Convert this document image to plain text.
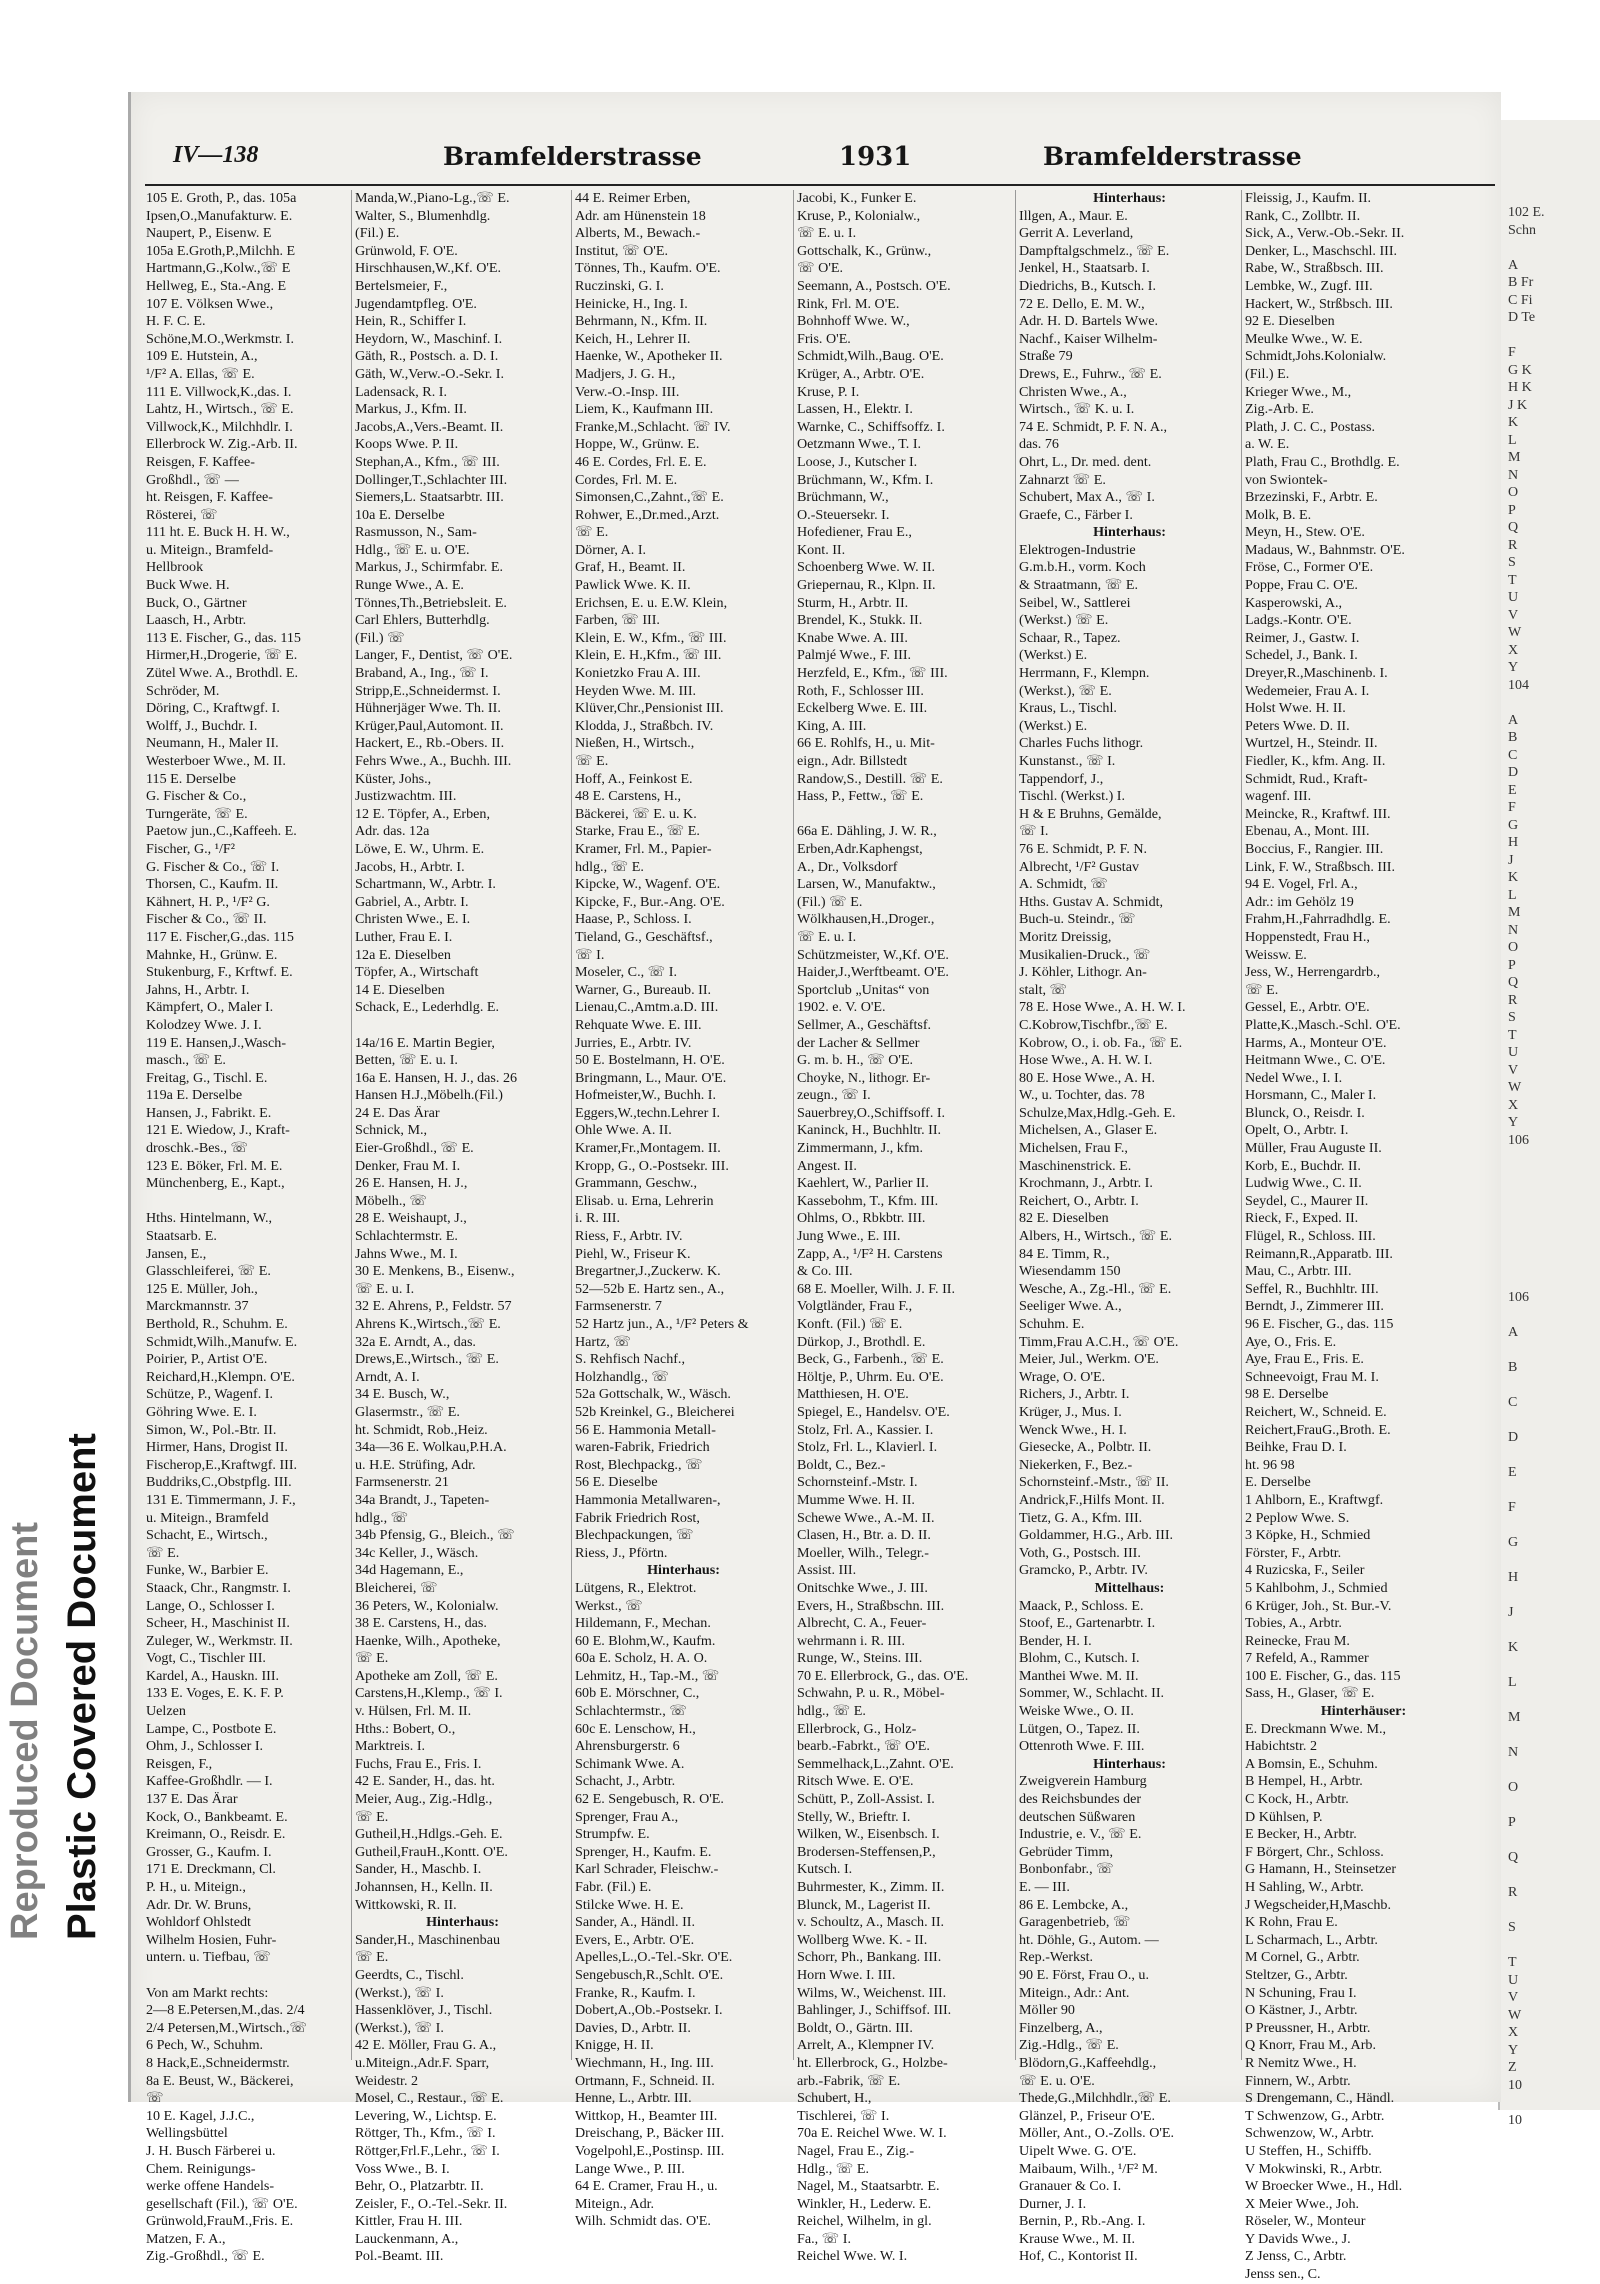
Reproduced Document Plastic Covered Document
102 E.
Schn

A
B Fr
C Fi
D Te

F
G K
H K
J K
K
L
M
N
O
P
Q
R
S
T
U
V
W
X
Y
104

A
B
C
D
E
F
G
H
J
K
L
M
N
O
P
Q
R
S
T
U
V
W
X
Y
106

106

A

B

C

D

E

F

G

H

J

K

L

M

N

O

P

Q

R

S

T
U
V
W
X
Y
Z
10

10
IV—138	Bramfelderstrasse	1931	Bramfelderstrasse
105 E. Groth, P., das. 105a
Ipsen,O.,Manufakturw. E.
Naupert, P., Eisenw. E
105a E.Groth,P.,Milchh. E
Hartmann,G.,Kolw.,☏ E
Hellweg, E., Sta.-Ang. E
107 E. Völksen Wwe.,
H. F. C. E.
Schöne,M.O.,Werkmstr. I.
109 E. Hutstein, A.,
¹/F² A. Ellas, ☏ E.
111 E. Villwock,K.,das. I.
Lahtz, H., Wirtsch., ☏ E.
Villwock,K., Milchhdlr. I.
Ellerbrock W. Zig.-Arb. II.
Reisgen, F. Kaffee-
Großhdl., ☏ —
ht. Reisgen, F. Kaffee-
Rösterei, ☏
111 ht. E. Buck H. H. W.,
u. Miteign., Bramfeld-
Hellbrook
Buck Wwe. H.
Buck, O., Gärtner
Laasch, H., Arbtr.
113 E. Fischer, G., das. 115
Hirmer,H.,Drogerie, ☏ E.
Zütel Wwe. A., Brothdl. E.
Schröder, M.
Döring, C., Kraftwgf. I.
Wolff, J., Buchdr. I.
Neumann, H., Maler II.
Westerboer Wwe., M. II.
115 E. Derselbe
G. Fischer & Co.,
Turngeräte, ☏ E.
Paetow jun.,C.,Kaffeeh. E.
Fischer, G., ¹/F²
G. Fischer & Co., ☏ I.
Thorsen, C., Kaufm. II.
Kähnert, H. P., ¹/F² G.
Fischer & Co., ☏ II.
117 E. Fischer,G.,das. 115
Mahnke, H., Grünw. E.
Stukenburg, F., Krftwf. E.
Jahns, H., Arbtr. I.
Kämpfert, O., Maler I.
Kolodzey Wwe. J. I.
119 E. Hansen,J.,Wasch-
masch., ☏ E.
Freitag, G., Tischl. E.
119a E. Derselbe
Hansen, J., Fabrikt. E.
121 E. Wiedow, J., Kraft-
droschk.-Bes., ☏
123 E. Böker, Frl. M. E.
Münchenberg, E., Kapt.,

Hths. Hintelmann, W.,
Staatsarb. E.
Jansen, E.,
Glasschleiferei, ☏ E.
125 E. Müller, Joh.,
Marckmannstr. 37
Berthold, R., Schuhm. E.
Schmidt,Wilh.,Manufw. E.
Poirier, P., Artist O'E.
Reichard,H.,Klempn. O'E.
Schütze, P., Wagenf. I.
Göhring Wwe. E. I.
Simon, W., Pol.-Btr. II.
Hirmer, Hans, Drogist II.
Fischerop,E.,Kraftwgf. III.
Buddriks,C.,Obstpflg. III.
131 E. Timmermann, J. F.,
u. Miteign., Bramfeld
Schacht, E., Wirtsch.,
☏ E.
Funke, W., Barbier E.
Staack, Chr., Rangmstr. I.
Lange, O., Schlosser I.
Scheer, H., Maschinist II.
Zuleger, W., Werkmstr. II.
Vogt, C., Tischler III.
Kardel, A., Hauskn. III.
133 E. Voges, E. K. F. P.
Uelzen
Lampe, C., Postbote E.
Ohm, J., Schlosser I.
Reisgen, F.,
Kaffee-Großhdlr. — I.
137 E. Das Ärar
Kock, O., Bankbeamt. E.
Kreimann, O., Reisdr. E.
Grosser, G., Kaufm. I.
171 E. Dreckmann, Cl.
P. H., u. Miteign.,
Adr. Dr. W. Bruns,
Wohldorf Ohlstedt
Wilhelm Hosien, Fuhr-
untern. u. Tiefbau, ☏

Von am Markt rechts:
2—8 E.Petersen,M.,das. 2/4
2/4 Petersen,M.,Wirtsch.,☏
6 Pech, W., Schuhm.
8 Hack,E.,Schneidermstr.
8a E. Beust, W., Bäckerei,
☏
10 E. Kagel, J.J.C.,
Wellingsbüttel
J. H. Busch Färberei u.
Chem. Reinigungs-
werke offene Handels-
gesellschaft (Fil.), ☏ O'E.
Grünwold,FrauM.,Fris. E.
Matzen, F. A.,
Zig.-Großhdl., ☏ E.
Manda,W.,Piano-Lg.,☏ E.
Walter, S., Blumenhdlg.
(Fil.) E.
Grünwold, F. O'E.
Hirschhausen,W.,Kf. O'E.
Bertelsmeier, F.,
Jugendamtpfleg. O'E.
Hein, R., Schiffer I.
Heydorn, W., Maschinf. I.
Gäth, R., Postsch. a. D. I.
Gäth, W.,Verw.-O.-Sekr. I.
Ladensack, R. I.
Markus, J., Kfm. II.
Jacobs,A.,Vers.-Beamt. II.
Koops Wwe. P. II.
Stephan,A., Kfm., ☏ III.
Dollinger,T.,Schlachter III.
Siemers,L. Staatsarbtr. III.
10a E. Derselbe
Rasmusson, N., Sam-
Hdlg., ☏ E. u. O'E.
Markus, J., Schirmfabr. E.
Runge Wwe., A. E.
Tönnes,Th.,Betriebsleit. E.
Carl Ehlers, Butterhdlg.
(Fil.) ☏
Langer, F., Dentist, ☏ O'E.
Braband, A., Ing., ☏ I.
Stripp,E.,Schneidermst. I.
Hühnerjäger Wwe. Th. II.
Krüger,Paul,Automont. II.
Hackert, E., Rb.-Obers. II.
Fehrs Wwe., A., Buchh. III.
Küster, Johs.,
Justizwachtm. III.
12 E. Töpfer, A., Erben,
Adr. das. 12a
Löwe, E. W., Uhrm. E.
Jacobs, H., Arbtr. I.
Schartmann, W., Arbtr. I.
Gabriel, A., Arbtr. I.
Christen Wwe., E. I.
Luther, Frau E. I.
12a E. Dieselben
Töpfer, A., Wirtschaft
14 E. Dieselben
Schack, E., Lederhdlg. E.

14a/16 E. Martin Begier,
Betten, ☏ E. u. I.
16a E. Hansen, H. J., das. 26
Hansen H.J.,Möbelh.(Fil.)
24 E. Das Ärar
Schnick, M.,
Eier-Großhdl., ☏ E.
Denker, Frau M. I.
26 E. Hansen, H. J.,
Möbelh., ☏
28 E. Weishaupt, J.,
Schlachtermstr. E.
Jahns Wwe., M. I.
30 E. Menkens, B., Eisenw.,
☏ E. u. I.
32 E. Ahrens, P., Feldstr. 57
Ahrens K.,Wirtsch.,☏ E.
32a E. Arndt, A., das.
Drews,E.,Wirtsch., ☏ E.
Arndt, A. I.
34 E. Busch, W.,
Glasermstr., ☏ E.
ht. Schmidt, Rob.,Heiz.
34a—36 E. Wolkau,P.H.A.
u. H.E. Strüfing, Adr.
Farmsenerstr. 21
34a Brandt, J., Tapeten-
hdlg., ☏
34b Pfensig, G., Bleich., ☏
34c Keller, J., Wäsch.
34d Hagemann, E.,
Bleicherei, ☏
36 Peters, W., Kolonialw.
38 E. Carstens, H., das.
Haenke, Wilh., Apotheke,
☏ E.
Apotheke am Zoll, ☏ E.
Carstens,H.,Klemp., ☏ I.
v. Hülsen, Frl. M. II.
Hths.: Bobert, O.,
Marktreis. I.
Fuchs, Frau E., Fris. I.
42 E. Sander, H., das. ht.
Meier, Aug., Zig.-Hdlg.,
☏ E.
Gutheil,H.,Hdlgs.-Geh. E.
Gutheil,FrauH.,Kontt. O'E.
Sander, H., Maschb. I.
Johannsen, H., Kelln. II.
Wittkowski, R. II.
Hinterhaus:
Sander,H., Maschinenbau
☏ E.
Geerdts, C., Tischl.
(Werkst.), ☏ I.
Hassenklöver, J., Tischl.
(Werkst.), ☏ I.
42 E. Möller, Frau G. A.,
u.Miteign.,Adr.F. Sparr,
Weidestr. 2
Mosel, C., Restaur., ☏ E.
Levering, W., Lichtsp. E.
Röttger, Th., Kfm., ☏ I.
Röttger,Frl.F.,Lehr., ☏ I.
Voss Wwe., B. I.
Behr, O., Platzarbtr. II.
Zeisler, F., O.-Tel.-Sekr. II.
Kittler, Frau H. III.
Lauckenmann, A.,
Pol.-Beamt. III.
44 E. Reimer Erben,
Adr. am Hünenstein 18
Alberts, M., Bewach.-
Institut, ☏ O'E.
Tönnes, Th., Kaufm. O'E.
Ruczinski, G. I.
Heinicke, H., Ing. I.
Behrmann, N., Kfm. II.
Keich, H., Lehrer II.
Haenke, W., Apotheker II.
Madjers, J. G. H.,
Verw.-O.-Insp. III.
Liem, K., Kaufmann III.
Franke,M.,Schlacht. ☏ IV.
Hoppe, W., Grünw. E.
46 E. Cordes, Frl. E. E.
Cordes, Frl. M. E.
Simonsen,C.,Zahnt.,☏ E.
Rohwer, E.,Dr.med.,Arzt.
☏ E.
Dörner, A. I.
Graf, H., Beamt. II.
Pawlick Wwe. K. II.
Erichsen, E. u. E.W. Klein,
Farben, ☏ III.
Klein, E. W., Kfm., ☏ III.
Klein, E. H.,Kfm., ☏ III.
Konietzko Frau A. III.
Heyden Wwe. M. III.
Klüver,Chr.,Pensionist III.
Klodda, J., Straßbch. IV.
Nießen, H., Wirtsch.,
☏ E.
Hoff, A., Feinkost E.
48 E. Carstens, H.,
Bäckerei, ☏ E. u. K.
Starke, Frau E., ☏ E.
Kramer, Frl. M., Papier-
hdlg., ☏ E.
Kipcke, W., Wagenf. O'E.
Kipcke, F., Bur.-Ang. O'E.
Haase, P., Schloss. I.
Tieland, G., Geschäftsf.,
☏ I.
Moseler, C., ☏ I.
Warner, G., Bureaub. II.
Lienau,C.,Amtm.a.D. III.
Rehquate Wwe. E. III.
Jurries, E., Arbtr. IV.
50 E. Bostelmann, H. O'E.
Bringmann, L., Maur. O'E.
Hofmeister,W., Buchh. I.
Eggers,W.,techn.Lehrer I.
Ohle Wwe. A. II.
Kramer,Fr.,Montagem. II.
Kropp, G., O.-Postsekr. III.
Grammann, Geschw.,
Elisab. u. Erna, Lehrerin
i. R. III.
Riess, F., Arbtr. IV.
Piehl, W., Friseur K.
Bregartner,J.,Zuckerw. K.
52—52b E. Hartz sen., A.,
Farmsenerstr. 7
52 Hartz jun., A., ¹/F² Peters &
Hartz, ☏
S. Rehfisch Nachf.,
Holzhandlg., ☏
52a Gottschalk, W., Wäsch.
52b Kreinkel, G., Bleicherei
56 E. Hammonia Metall-
waren-Fabrik, Friedrich
Rost, Blechpackg., ☏
56 E. Dieselbe
Hammonia Metallwaren-,
Fabrik Friedrich Rost,
Blechpackungen, ☏
Riess, J., Pförtn.
Hinterhaus:
Lütgens, R., Elektrot.
Werkst., ☏
Hildemann, F., Mechan.
60 E. Blohm,W., Kaufm.
60a E. Scholz, H. A. O.
Lehmitz, H., Tap.-M., ☏
60b E. Mörschner, C.,
Schlachtermstr., ☏
60c E. Lenschow, H.,
Ahrensburgerstr. 6
Schimank Wwe. A.
Schacht, J., Arbtr.
62 E. Sengebusch, R. O'E.
Sprenger, Frau A.,
Strumpfw. E.
Sprenger, H., Kaufm. E.
Karl Schrader, Fleischw.-
Fabr. (Fil.) E.
Stilcke Wwe. H. E.
Sander, A., Händl. II.
Evers, E., Arbtr. O'E.
Apelles,L.,O.-Tel.-Skr. O'E.
Sengebusch,R.,Schlt. O'E.
Franke, R., Kaufm. I.
Dobert,A.,Ob.-Postsekr. I.
Davies, D., Arbtr. II.
Knigge, H. II.
Wiechmann, H., Ing. III.
Ortmann, F., Schneid. II.
Henne, L., Arbtr. III.
Wittkop, H., Beamter III.
Dreischang, P., Bäcker III.
Vogelpohl,E.,Postinsp. III.
Lange Wwe., P. III.
64 E. Cramer, Frau H., u.
Miteign., Adr.
Wilh. Schmidt das. O'E.
Jacobi, K., Funker E.
Kruse, P., Kolonialw.,
☏ E. u. I.
Gottschalk, K., Grünw.,
☏ O'E.
Seemann, A., Postsch. O'E.
Rink, Frl. M. O'E.
Bohnhoff Wwe. W.,
Fris. O'E.
Schmidt,Wilh.,Baug. O'E.
Krüger, A., Arbtr. O'E.
Kruse, P. I.
Lassen, H., Elektr. I.
Warnke, C., Schiffsoffz. I.
Oetzmann Wwe., T. I.
Loose, J., Kutscher I.
Brüchmann, W., Kfm. I.
Brüchmann, W.,
O.-Steuersekr. I.
Hofediener, Frau E.,
Kont. II.
Schoenberg Wwe. W. II.
Griepernau, R., Klpn. II.
Sturm, H., Arbtr. II.
Brendel, K., Stukk. II.
Knabe Wwe. A. III.
Palmjé Wwe., F. III.
Herzfeld, E., Kfm., ☏ III.
Roth, F., Schlosser III.
Eckelberg Wwe. E. III.
King, A. III.
66 E. Rohlfs, H., u. Mit-
eign., Adr. Billstedt
Randow,S., Destill. ☏ E.
Hass, P., Fettw., ☏ E.

66a E. Dähling, J. W. R.,
Erben,Adr.Kaphengst,
A., Dr., Volksdorf
Larsen, W., Manufaktw.,
(Fil.) ☏ E.
Wölkhausen,H.,Droger.,
☏ E. u. I.
Schützmeister, W.,Kf. O'E.
Haider,J.,Werftbeamt. O'E.
Sportclub „Unitas“ von
1902. e. V. O'E.
Sellmer, A., Geschäftsf.
der Lacher & Sellmer
G. m. b. H., ☏ O'E.
Choyke, N., lithogr. Er-
zeugn., ☏ I.
Sauerbrey,O.,Schiffsoff. I.
Kaninck, H., Buchhltr. II.
Zimmermann, J., kfm.
Angest. II.
Kaehlert, W., Parlier II.
Kassebohm, T., Kfm. III.
Ohlms, O., Rbkbtr. III.
Jung Wwe., E. III.
Zapp, A., ¹/F² H. Carstens
& Co. III.
68 E. Moeller, Wilh. J. F. II.
Volgtländer, Frau F.,
Konft. (Fil.) ☏ E.
Dürkop, J., Brothdl. E.
Beck, G., Farbenh., ☏ E.
Höltje, P., Uhrm. Eu. O'E.
Matthiesen, H. O'E.
Spiegel, E., Handelsv. O'E.
Stolz, Frl. A., Kassier. I.
Stolz, Frl. L., Klavierl. I.
Boldt, C., Bez.-
Schornsteinf.-Mstr. I.
Mumme Wwe. H. II.
Schewe Wwe., A.-M. II.
Clasen, H., Btr. a. D. II.
Moeller, Wilh., Telegr.-
Assist. III.
Onitschke Wwe., J. III.
Evers, H., Straßbschn. III.
Albrecht, C. A., Feuer-
wehrmann i. R. III.
Runge, W., Steins. III.
70 E. Ellerbrock, G., das. O'E.
Schwahn, P. u. R., Möbel-
hdlg., ☏ E.
Ellerbrock, G., Holz-
bearb.-Fabrkt., ☏ O'E.
Semmelhack,L.,Zahnt. O'E.
Ritsch Wwe. E. O'E.
Schütt, P., Zoll-Assist. I.
Stelly, W., Brieftr. I.
Wilken, W., Eisenbsch. I.
Brodersen-Steffensen,P.,
Kutsch. I.
Buhrmester, K., Zimm. II.
Blunck, M., Lagerist II.
v. Schoultz, A., Masch. II.
Wollberg Wwe. K. - II.
Schorr, Ph., Bankang. III.
Horn Wwe. I. III.
Wilms, W., Weichenst. III.
Bahlinger, J., Schiffsof. III.
Boldt, O., Gärtn. III.
Arrelt, A., Klempner IV.
ht. Ellerbrock, G., Holzbe-
arb.-Fabrik, ☏ E.
Schubert, H.,
Tischlerei, ☏ I.
70a E. Reichel Wwe. W. I.
Nagel, Frau E., Zig.-
Hdlg., ☏ E.
Nagel, M., Staatsarbtr. E.
Winkler, H., Lederw. E.
Reichel, Wilhelm, in gl.
Fa., ☏ I.
Reichel Wwe. W. I.
Hinterhaus:
Illgen, A., Maur. E.
Gerrit A. Leverland,
Dampftalgschmelz., ☏ E.
Jenkel, H., Staatsarb. I.
Diedrichs, B., Kutsch. I.
72 E. Dello, E. M. W.,
Adr. H. D. Bartels Wwe.
Nachf., Kaiser Wilhelm-
Straße 79
Drews, E., Fuhrw., ☏ E.
Christen Wwe., A.,
Wirtsch., ☏ K. u. I.
74 E. Schmidt, P. F. N. A.,
das. 76
Ohrt, L., Dr. med. dent.
Zahnarzt ☏ E.
Schubert, Max A., ☏ I.
Graefe, C., Färber I.
Hinterhaus:
Elektrogen-Industrie
G.m.b.H., vorm. Koch
& Straatmann, ☏ E.
Seibel, W., Sattlerei
(Werkst.) ☏ E.
Schaar, R., Tapez.
(Werkst.) E.
Herrmann, F., Klempn.
(Werkst.), ☏ E.
Kraus, L., Tischl.
(Werkst.) E.
Charles Fuchs lithogr.
Kunstanst., ☏ I.
Tappendorf, J.,
Tischl. (Werkst.) I.
H & E Bruhns, Gemälde,
☏ I.
76 E. Schmidt, P. F. N.
Albrecht, ¹/F² Gustav
A. Schmidt, ☏
Hths. Gustav A. Schmidt,
Buch-u. Steindr., ☏
Moritz Dreissig,
Musikalien-Druck., ☏
J. Köhler, Lithogr. An-
stalt, ☏
78 E. Hose Wwe., A. H. W. I.
C.Kobrow,Tischfbr.,☏ E.
Kobrow, O., i. ob. Fa., ☏ E.
Hose Wwe., A. H. W. I.
80 E. Hose Wwe., A. H.
W., u. Tochter, das. 78
Schulze,Max,Hdlg.-Geh. E.
Michelsen, A., Glaser E.
Michelsen, Frau F.,
Maschinenstrick. E.
Krochmann, J., Arbtr. I.
Reichert, O., Arbtr. I.
82 E. Dieselben
Albers, H., Wirtsch., ☏ E.
84 E. Timm, R.,
Wiesendamm 150
Wesche, A., Zg.-Hl., ☏ E.
Seeliger Wwe. A.,
Schuhm. E.
Timm,Frau A.C.H., ☏ O'E.
Meier, Jul., Werkm. O'E.
Wrage, O. O'E.
Richers, J., Arbtr. I.
Krüger, J., Mus. I.
Wenck Wwe., H. I.
Giesecke, A., Polbtr. II.
Niekerken, F., Bez.-
Schornsteinf.-Mstr., ☏ II.
Andrick,F.,Hilfs Mont. II.
Tietz, G. A., Kfm. III.
Goldammer, H.G., Arb. III.
Voth, G., Postsch. III.
Gramcko, P., Arbtr. IV.
Mittelhaus:
Maack, P., Schloss. E.
Stoof, E., Gartenarbtr. I.
Bender, H. I.
Blohm, C., Kutsch. I.
Manthei Wwe. M. II.
Sommer, W., Schlacht. II.
Weiske Wwe., O. II.
Lütgen, O., Tapez. II.
Ottenroth Wwe. F. III.
Hinterhaus:
Zweigverein Hamburg
des Reichsbundes der
deutschen Süßwaren
Industrie, e. V., ☏ E.
Gebrüder Timm,
Bonbonfabr., ☏
E. — III.
86 E. Lembcke, A.,
Garagenbetrieb, ☏
ht. Döhle, G., Autom. —
Rep.-Werkst.
90 E. Först, Frau O., u.
Miteign., Adr.: Ant.
Möller 90
Finzelberg, A.,
Zig.-Hdlg., ☏ E.
Blödorn,G.,Kaffeehdlg.,
☏ E. u. O'E.
Thede,G.,Milchhdlr.,☏ E.
Glänzel, P., Friseur O'E.
Möller, Ant., O.-Zolls. O'E.
Uipelt Wwe. G. O'E.
Maibaum, Wilh., ¹/F² M.
Granauer & Co. I.
Durner, J. I.
Bernin, P., Rb.-Ang. I.
Krause Wwe., M. II.
Hof, C., Kontorist II.
Fleissig, J., Kaufm. II.
Rank, C., Zollbtr. II.
Sick, A., Verw.-Ob.-Sekr. II.
Denker, L., Maschschl. III.
Rabe, W., Straßbsch. III.
Lembke, W., Zugf. III.
Hackert, W., Strßbsch. III.
92 E. Dieselben
Meulke Wwe., W. E.
Schmidt,Johs.Kolonialw.
(Fil.) E.
Krieger Wwe., M.,
Zig.-Arb. E.
Plath, J. C. C., Postass.
a. W. E.
Plath, Frau C., Brothdlg. E.
von Swiontek-
Brzezinski, F., Arbtr. E.
Molk, B. E.
Meyn, H., Stew. O'E.
Madaus, W., Bahnmstr. O'E.
Fröse, C., Former O'E.
Poppe, Frau C. O'E.
Kasperowski, A.,
Ladgs.-Kontr. O'E.
Reimer, J., Gastw. I.
Schedel, J., Bank. I.
Dreyer,R.,Maschinenb. I.
Wedemeier, Frau A. I.
Holst Wwe. H. II.
Peters Wwe. D. II.
Wurtzel, H., Steindr. II.
Fiedler, K., kfm. Ang. II.
Schmidt, Rud., Kraft-
wagenf. III.
Meincke, R., Kraftwf. III.
Ebenau, A., Mont. III.
Boccius, F., Rangier. III.
Link, F. W., Straßbsch. III.
94 E. Vogel, Frl. A.,
Adr.: im Gehölz 19
Frahm,H.,Fahrradhdlg. E.
Hoppenstedt, Frau H.,
Weissw. E.
Jess, W., Herrengardrb.,
☏ E.
Gessel, E., Arbtr. O'E.
Platte,K.,Masch.-Schl. O'E.
Harms, A., Monteur O'E.
Heitmann Wwe., C. O'E.
Nedel Wwe., I. I.
Horsmann, C., Maler I.
Blunck, O., Reisdr. I.
Opelt, O., Arbtr. I.
Müller, Frau Auguste II.
Korb, E., Buchdr. II.
Ludwig Wwe., C. II.
Seydel, C., Maurer II.
Rieck, F., Exped. II.
Flügel, R., Schloss. III.
Reimann,R.,Apparatb. III.
Mau, C., Arbtr. III.
Seffel, R., Buchhltr. III.
Berndt, J., Zimmerer III.
96 E. Fischer, G., das. 115
Aye, O., Fris. E.
Aye, Frau E., Fris. E.
Schneevoigt, Frau M. I.
98 E. Derselbe
Reichert, W., Schneid. E.
Reichert,FrauG.,Broth. E.
Beihke, Frau D. I.
ht. 96 98
E. Derselbe
1 Ahlborn, E., Kraftwgf.
2 Peplow Wwe. S.
3 Köpke, H., Schmied
Förster, F., Arbtr.
4 Ruzicska, F., Seiler
5 Kahlbohm, J., Schmied
6 Krüger, Joh., St. Bur.-V.
Tobies, A., Arbtr.
Reinecke, Frau M.
7 Refeld, A., Rammer
100 E. Fischer, G., das. 115
Sass, H., Glaser, ☏ E.
Hinterhäuser:
E. Dreckmann Wwe. M.,
Habichtstr. 2
A Bomsin, E., Schuhm.
B Hempel, H., Arbtr.
C Kock, H., Arbtr.
D Kühlsen, P.
E Becker, H., Arbtr.
F Börgert, Chr., Schloss.
G Hamann, H., Steinsetzer
H Sahling, W., Arbtr.
J Wegscheider,H,Maschb.
K Rohn, Frau E.
L Scharmach, L., Arbtr.
M Cornel, G., Arbtr.
Steltzer, G., Arbtr.
N Schuning, Frau I.
O Kästner, J., Arbtr.
P Preussner, H., Arbtr.
Q Knorr, Frau M., Arb.
R Nemitz Wwe., H.
Finnern, W., Arbtr.
S Drengemann, C., Händl.
T Schwenzow, G., Arbtr.
Schwenzow, W., Arbtr.
U Steffen, H., Schiffb.
V Mokwinski, R., Arbtr.
W Broecker Wwe., H., Hdl.
X Meier Wwe., Joh.
Röseler, W., Monteur
Y Davids Wwe., J.
Z Jenss, C., Arbtr.
Jenss sen., C.
